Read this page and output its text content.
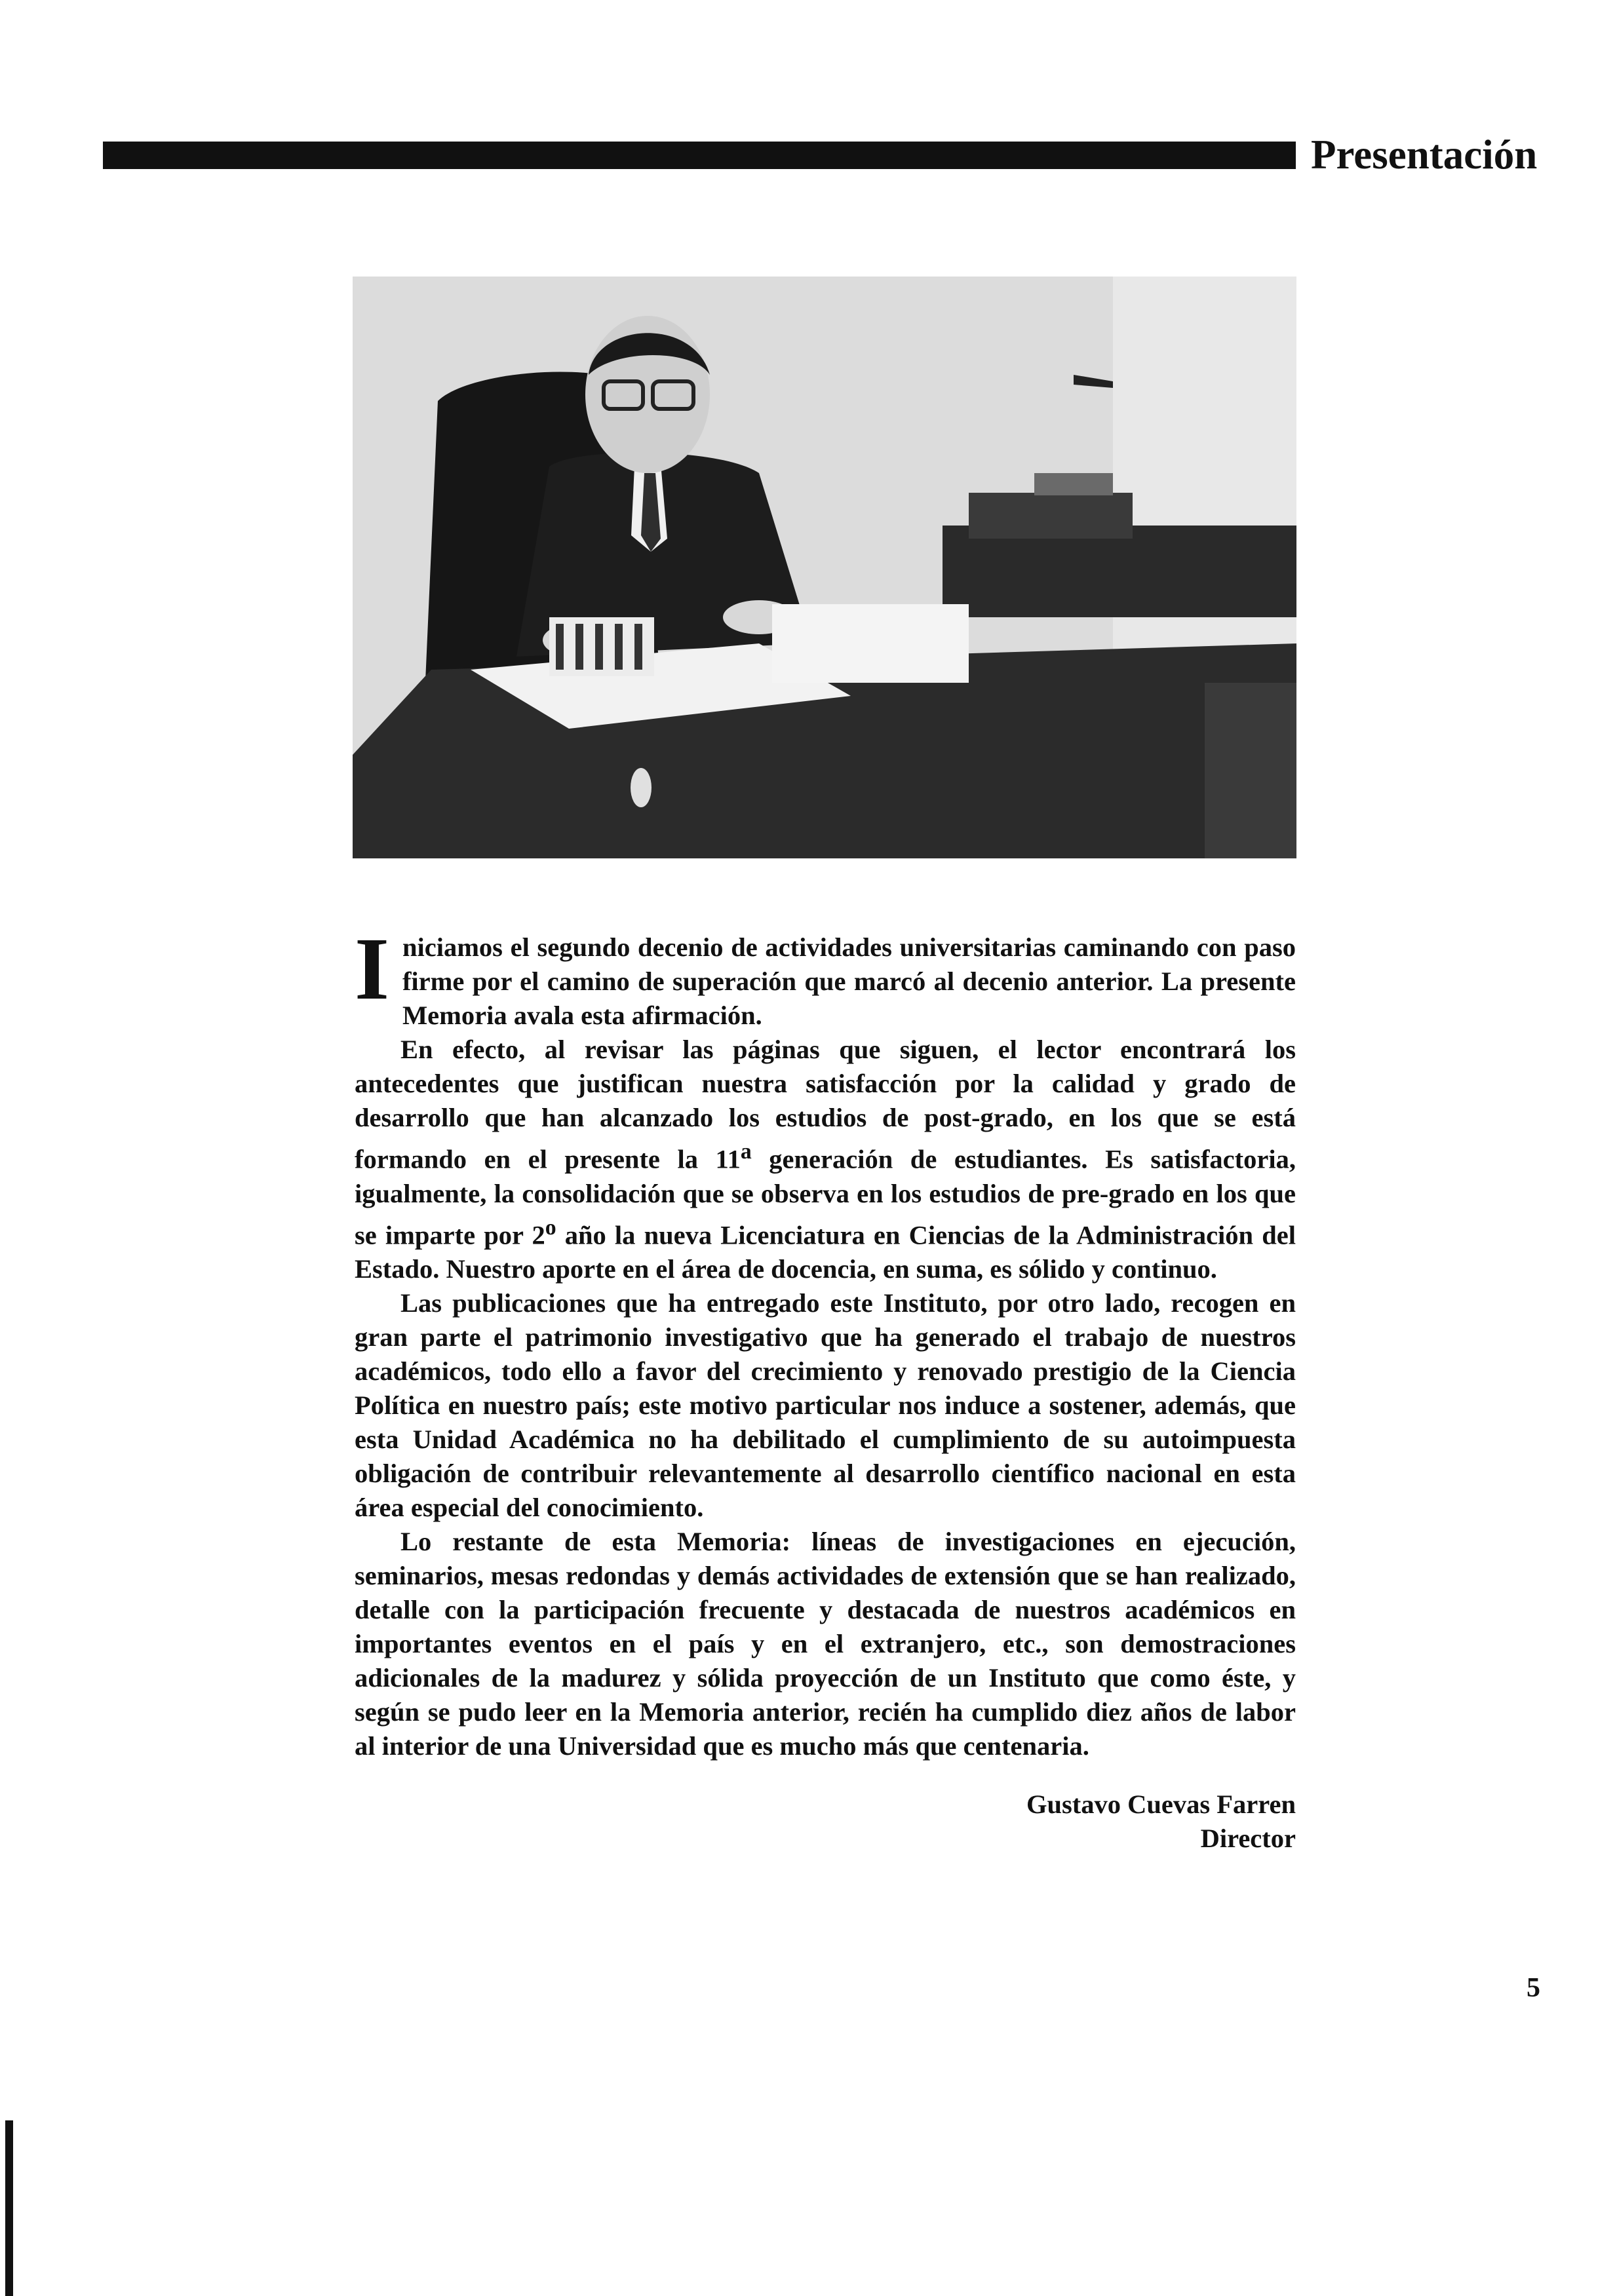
Presentación

Iniciamos el segundo decenio de actividades universitarias caminando con paso firme por el camino de superación que marcó al decenio anterior. La presente Memoria avala esta afirmación.

En efecto, al revisar las páginas que siguen, el lector encontrará los antecedentes que justifican nuestra satisfacción por la calidad y grado de desarrollo que han alcanzado los estudios de post-grado, en los que se está formando en el presente la 11$^a$ generación de estudiantes. Es satisfactoria, igualmente, la consolidación que se observa en los estudios de pre-grado en los que se imparte por 2$^o$ año la nueva Licenciatura en Ciencias de la Administración del Estado. Nuestro aporte en el área de docencia, en suma, es sólido y continuo.

Las publicaciones que ha entregado este Instituto, por otro lado, recogen en gran parte el patrimonio investigativo que ha generado el trabajo de nuestros académicos, todo ello a favor del crecimiento y renovado prestigio de la Ciencia Política en nuestro país; este motivo particular nos induce a sostener, además, que esta Unidad Académica no ha debilitado el cumplimiento de su autoimpuesta obligación de contribuir relevantemente al desarrollo científico nacional en esta área especial del conocimiento.

Lo restante de esta Memoria: líneas de investigaciones en ejecución, seminarios, mesas redondas y demás actividades de extensión que se han realizado, detalle con la participación frecuente y destacada de nuestros académicos en importantes eventos en el país y en el extranjero, etc., son demostraciones adicionales de la madurez y sólida proyección de un Instituto que como éste, y según se pudo leer en la Memoria anterior, recién ha cumplido diez años de labor al interior de una Universidad que es mucho más que centenaria.

Gustavo Cuevas Farren
Director
5
